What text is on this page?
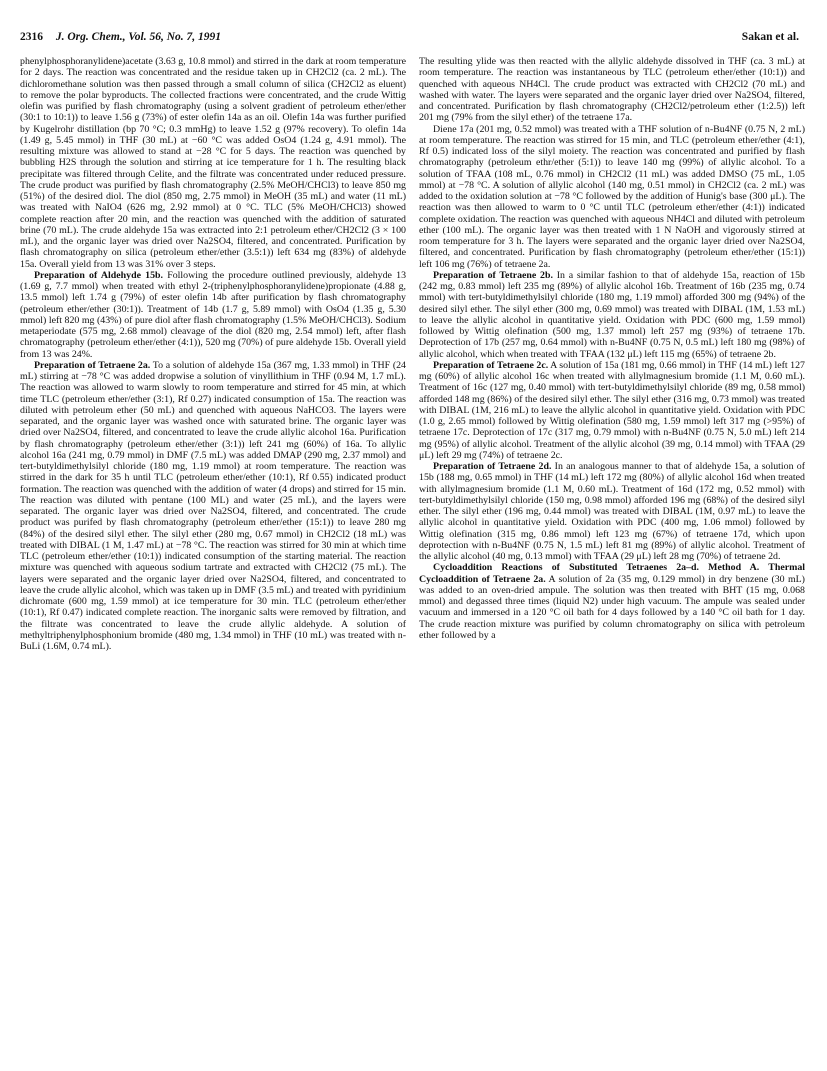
2316 J. Org. Chem., Vol. 56, No. 7, 1991	Sakan et al.

phenylphosphoranylidene)acetate (3.63 g, 10.8 mmol) and stirred in the dark at room temperature for 2 days. The reaction was concentrated and the residue taken up in CH2Cl2 (ca. 2 mL). The dichloromethane solution was then passed through a small column of silica (CH2Cl2 as eluent) to remove the polar byproducts. The collected fractions were concentrated, and the crude Wittig olefin was purified by flash chromatography (using a solvent gradient of petroleum ether/ether (30:1 to 10:1)) to leave 1.56 g (73%) of ester olefin 14a as an oil. Olefin 14a was further purified by Kugelrohr distillation (bp 70 °C; 0.3 mmHg) to leave 1.52 g (97% recovery). To olefin 14a (1.49 g, 5.45 mmol) in THF (30 mL) at −60 °C was added OsO4 (1.24 g, 4.91 mmol). The resulting mixture was allowed to stand at −28 °C for 5 days. The reaction was quenched by bubbling H2S through the solution and stirring at ice temperature for 1 h. The resulting black precipitate was filtered through Celite, and the filtrate was concentrated under reduced pressure. The crude product was purified by flash chromatography (2.5% MeOH/CHCl3) to leave 850 mg (51%) of the desired diol. The diol (850 mg, 2.75 mmol) in MeOH (35 mL) and water (11 mL) was treated with NaIO4 (626 mg, 2.92 mmol) at 0 °C. TLC (5% MeOH/CHCl3) showed complete reaction after 20 min, and the reaction was quenched with the addition of saturated brine (70 mL). The crude aldehyde 15a was extracted into 2:1 petroleum ether/CH2Cl2 (3 × 100 mL), and the organic layer was dried over Na2SO4, filtered, and concentrated. Purification by flash chromatography on silica (petroleum ether/ether (3.5:1)) left 634 mg (83%) of aldehyde 15a. Overall yield from 13 was 31% over 3 steps.

Preparation of Aldehyde 15b. Following the procedure outlined previously, aldehyde 13 (1.69 g, 7.7 mmol) when treated with ethyl 2-(triphenylphosphoranylidene)propionate (4.88 g, 13.5 mmol) left 1.74 g (79%) of ester olefin 14b after purification by flash chromatography (petroleum ether/ether (30:1)). Treatment of 14b (1.7 g, 5.89 mmol) with OsO4 (1.35 g, 5.30 mmol) left 820 mg (43%) of pure diol after flash chromatography (1.5% MeOH/CHCl3). Sodium metaperiodate (575 mg, 2.68 mmol) cleavage of the diol (820 mg, 2.54 mmol) left, after flash chromatography (petroleum ether/ether (4:1)), 520 mg (70%) of pure aldehyde 15b. Overall yield from 13 was 24%.

Preparation of Tetraene 2a. To a solution of aldehyde 15a (367 mg, 1.33 mmol) in THF (24 mL) stirring at −78 °C was added dropwise a solution of vinyllithium in THF (0.94 M, 1.7 mL). The reaction was allowed to warm slowly to room temperature and stirred for 45 min, at which time TLC (petroleum ether/ether (3:1), Rf 0.27) indicated consumption of 15a. The reaction was diluted with petroleum ether (50 mL) and quenched with aqueous NaHCO3. The layers were separated, and the organic layer was washed once with saturated brine. The organic layer was dried over Na2SO4, filtered, and concentrated to leave the crude allylic alcohol 16a. Purification by flash chromatography (petroleum ether/ether (3:1)) left 241 mg (60%) of 16a. To allylic alcohol 16a (241 mg, 0.79 mmol) in DMF (7.5 mL) was added DMAP (290 mg, 2.37 mmol) and tert-butyldimethylsilyl chloride (180 mg, 1.19 mmol) at room temperature. The reaction was stirred in the dark for 35 h until TLC (petroleum ether/ether (10:1), Rf 0.55) indicated product formation. The reaction was quenched with the addition of water (4 drops) and stirred for 15 min. The reaction was diluted with pentane (100 ML) and water (25 mL), and the layers were separated. The organic layer was dried over Na2SO4, filtered, and concentrated. The crude product was purifed by flash chromatography (petroleum ether/ether (15:1)) to leave 280 mg (84%) of the desired silyl ether. The silyl ether (280 mg, 0.67 mmol) in CH2Cl2 (18 mL) was treated with DIBAL (1 M, 1.47 mL) at −78 °C. The reaction was stirred for 30 min at which time TLC (petroleum ether/ether (10:1)) indicated consumption of the starting material. The reaction mixture was quenched with aqueous sodium tartrate and extracted with CH2Cl2 (75 mL). The layers were separated and the organic layer dried over Na2SO4, filtered, and concentrated to leave the crude allylic alcohol, which was taken up in DMF (3.5 mL) and treated with pyridinium dichromate (600 mg, 1.59 mmol) at ice temperature for 30 min. TLC (petroleum ether/ether (10:1), Rf 0.47) indicated complete reaction. The inorganic salts were removed by filtration, and the filtrate was concentrated to leave the crude allylic aldehyde. A solution of methyltriphenylphosphonium bromide (480 mg, 1.34 mmol) in THF (10 mL) was treated with n-BuLi (1.6M, 0.74 mL).

The resulting ylide was then reacted with the allylic aldehyde dissolved in THF (ca. 3 mL) at room temperature. The reaction was instantaneous by TLC (petroleum ether/ether (10:1)) and quenched with aqueous NH4Cl. The crude product was extracted with CH2Cl2 (70 mL) and washed with water. The layers were separated and the organic layer dried over Na2SO4, filtered, and concentrated. Purification by flash chromatography (CH2Cl2/petroleum ether (1:2.5)) left 201 mg (79% from the silyl ether) of the tetraene 17a.

Diene 17a (201 mg, 0.52 mmol) was treated with a THF solution of n-Bu4NF (0.75 N, 2 mL) at room temperature. The reaction was stirred for 15 min, and TLC (petroleum ether/ether (4:1), Rf 0.5) indicated loss of the silyl moiety. The reaction was concentrated and purified by flash chromatography (petroleum ethr/ether (5:1)) to leave 140 mg (99%) of allylic alcohol. To a solution of TFAA (108 mL, 0.76 mmol) in CH2Cl2 (11 mL) was added DMSO (75 mL, 1.05 mmol) at −78 °C. A solution of allylic alcohol (140 mg, 0.51 mmol) in CH2Cl2 (ca. 2 mL) was added to the oxidation solution at −78 °C followed by the addition of Hunig's base (300 μL). The reaction was then allowed to warm to 0 °C until TLC (petroleum ether/ether (4:1)) indicated complete oxidation. The reaction was quenched with aqueous NH4Cl and diluted with petroleum ether (100 mL). The organic layer was then treated with 1 N NaOH and vigorously stirred at room temperature for 3 h. The layers were separated and the organic layer dried over Na2SO4, filtered, and concentrated. Purification by flash chromatography (petroleum ether/ether (15:1)) left 106 mg (76%) of tetraene 2a.

Preparation of Tetraene 2b. In a similar fashion to that of aldehyde 15a, reaction of 15b (242 mg, 0.83 mmol) left 235 mg (89%) of allylic alcohol 16b. Treatment of 16b (235 mg, 0.74 mmol) with tert-butyldimethylsilyl chloride (180 mg, 1.19 mmol) afforded 300 mg (94%) of the desired silyl ether. The silyl ether (300 mg, 0.69 mmol) was treated with DIBAL (1M, 1.53 mL) to leave the allylic alcohol in quantitative yield. Oxidation with PDC (600 mg, 1.59 mmol) followed by Wittig olefination (500 mg, 1.37 mmol) left 257 mg (93%) of tetraene 17b. Deprotection of 17b (257 mg, 0.64 mmol) with n-Bu4NF (0.75 N, 0.5 mL) left 180 mg (98%) of allylic alcohol, which when treated with TFAA (132 μL) left 115 mg (65%) of tetraene 2b.

Preparation of Tetraene 2c. A solution of 15a (181 mg, 0.66 mmol) in THF (14 mL) left 127 mg (60%) of allylic alcohol 16c when treated with allylmagnesium bromide (1.1 M, 0.60 mL). Treatment of 16c (127 mg, 0.40 mmol) with tert-butyldimethylsilyl chloride (89 mg, 0.58 mmol) afforded 148 mg (86%) of the desired silyl ether. The silyl ether (316 mg, 0.73 mmol) was treated with DIBAL (1M, 216 mL) to leave the allylic alcohol in quantitative yield. Oxidation with PDC (1.0 g, 2.65 mmol) followed by Wittig olefination (580 mg, 1.59 mmol) left 317 mg (>95%) of tetraene 17c. Deprotection of 17c (317 mg, 0.79 mmol) with n-Bu4NF (0.75 N, 5.0 mL) left 214 mg (95%) of allylic alcohol. Treatment of the allylic alcohol (39 mg, 0.14 mmol) with TFAA (29 μL) left 29 mg (74%) of tetraene 2c.

Preparation of Tetraene 2d. In an analogous manner to that of aldehyde 15a, a solution of 15b (188 mg, 0.65 mmol) in THF (14 mL) left 172 mg (80%) of allylic alcohol 16d when treated with allylmagnesium bromide (1.1 M, 0.60 mL). Treatment of 16d (172 mg, 0.52 mmol) with tert-butyldimethylsilyl chloride (150 mg, 0.98 mmol) afforded 196 mg (68%) of the desired silyl ether. The silyl ether (196 mg, 0.44 mmol) was treated with DIBAL (1M, 0.97 mL) to leave the allylic alcohol in quantitative yield. Oxidation with PDC (400 mg, 1.06 mmol) followed by Wittig olefination (315 mg, 0.86 mmol) left 123 mg (67%) of tetraene 17d, which upon deprotection with n-Bu4NF (0.75 N, 1.5 mL) left 81 mg (89%) of allylic alcohol. Treatment of the allylic alcohol (40 mg, 0.13 mmol) with TFAA (29 μL) left 28 mg (70%) of tetraene 2d.

Cycloaddition Reactions of Substituted Tetraenes 2a–d. Method A. Thermal Cycloaddition of Tetraene 2a. A solution of 2a (35 mg, 0.129 mmol) in dry benzene (30 mL) was added to an oven-dried ampule. The solution was then treated with BHT (15 mg, 0.068 mmol) and degassed three times (liquid N2) under high vacuum. The ampule was sealed under vacuum and immersed in a 120 °C oil bath for 4 days followed by a 140 °C oil bath for 1 day. The crude reaction mixture was purified by column chromatography on silica with petroleum ether followed by a
